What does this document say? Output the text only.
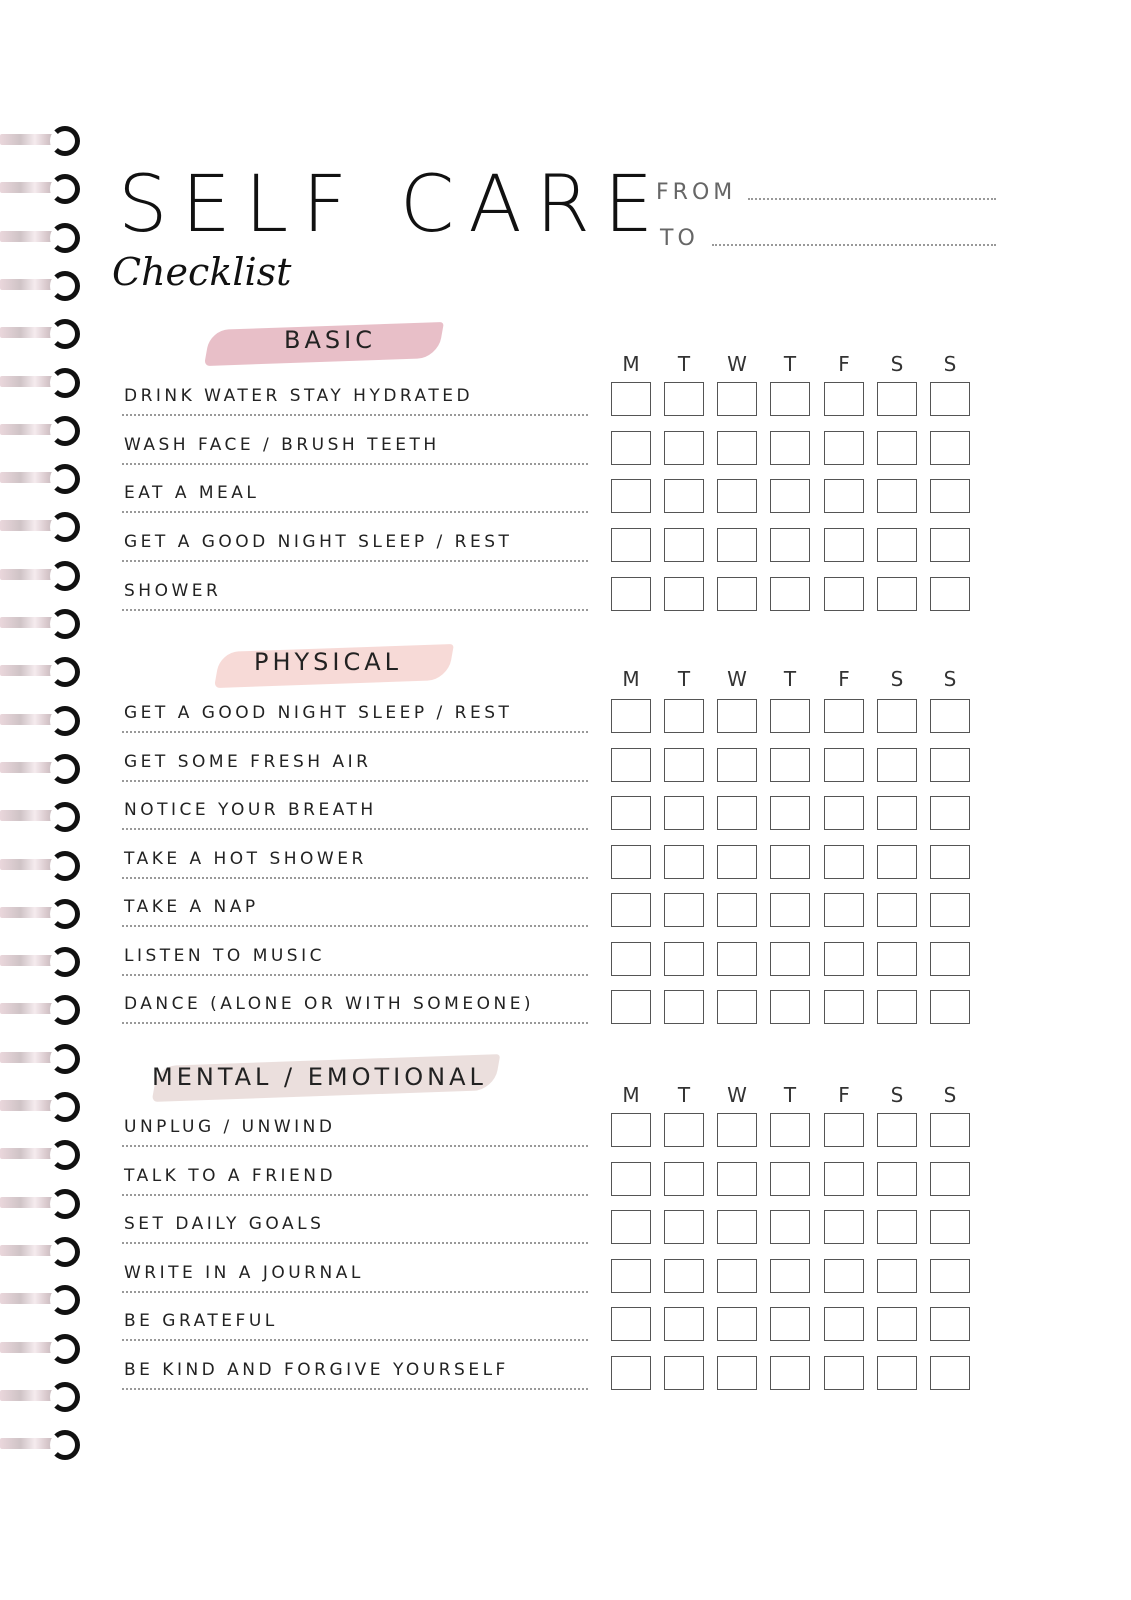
SELF CARE
Checklist
FROM
TO
BASIC
M	T	W	T	F	S	S
DRINK WATER STAY HYDRATED
WASH FACE / BRUSH TEETH
EAT A MEAL
GET A GOOD NIGHT SLEEP / REST
SHOWER
PHYSICAL
M	T	W	T	F	S	S
GET A GOOD NIGHT SLEEP / REST
GET SOME FRESH AIR
NOTICE YOUR BREATH
TAKE A HOT SHOWER
TAKE A NAP
LISTEN TO MUSIC
DANCE (ALONE OR WITH SOMEONE)
MENTAL / EMOTIONAL
M	T	W	T	F	S	S
UNPLUG / UNWIND
TALK TO A FRIEND
SET DAILY GOALS
WRITE IN A JOURNAL
BE GRATEFUL
BE KIND AND FORGIVE YOURSELF
